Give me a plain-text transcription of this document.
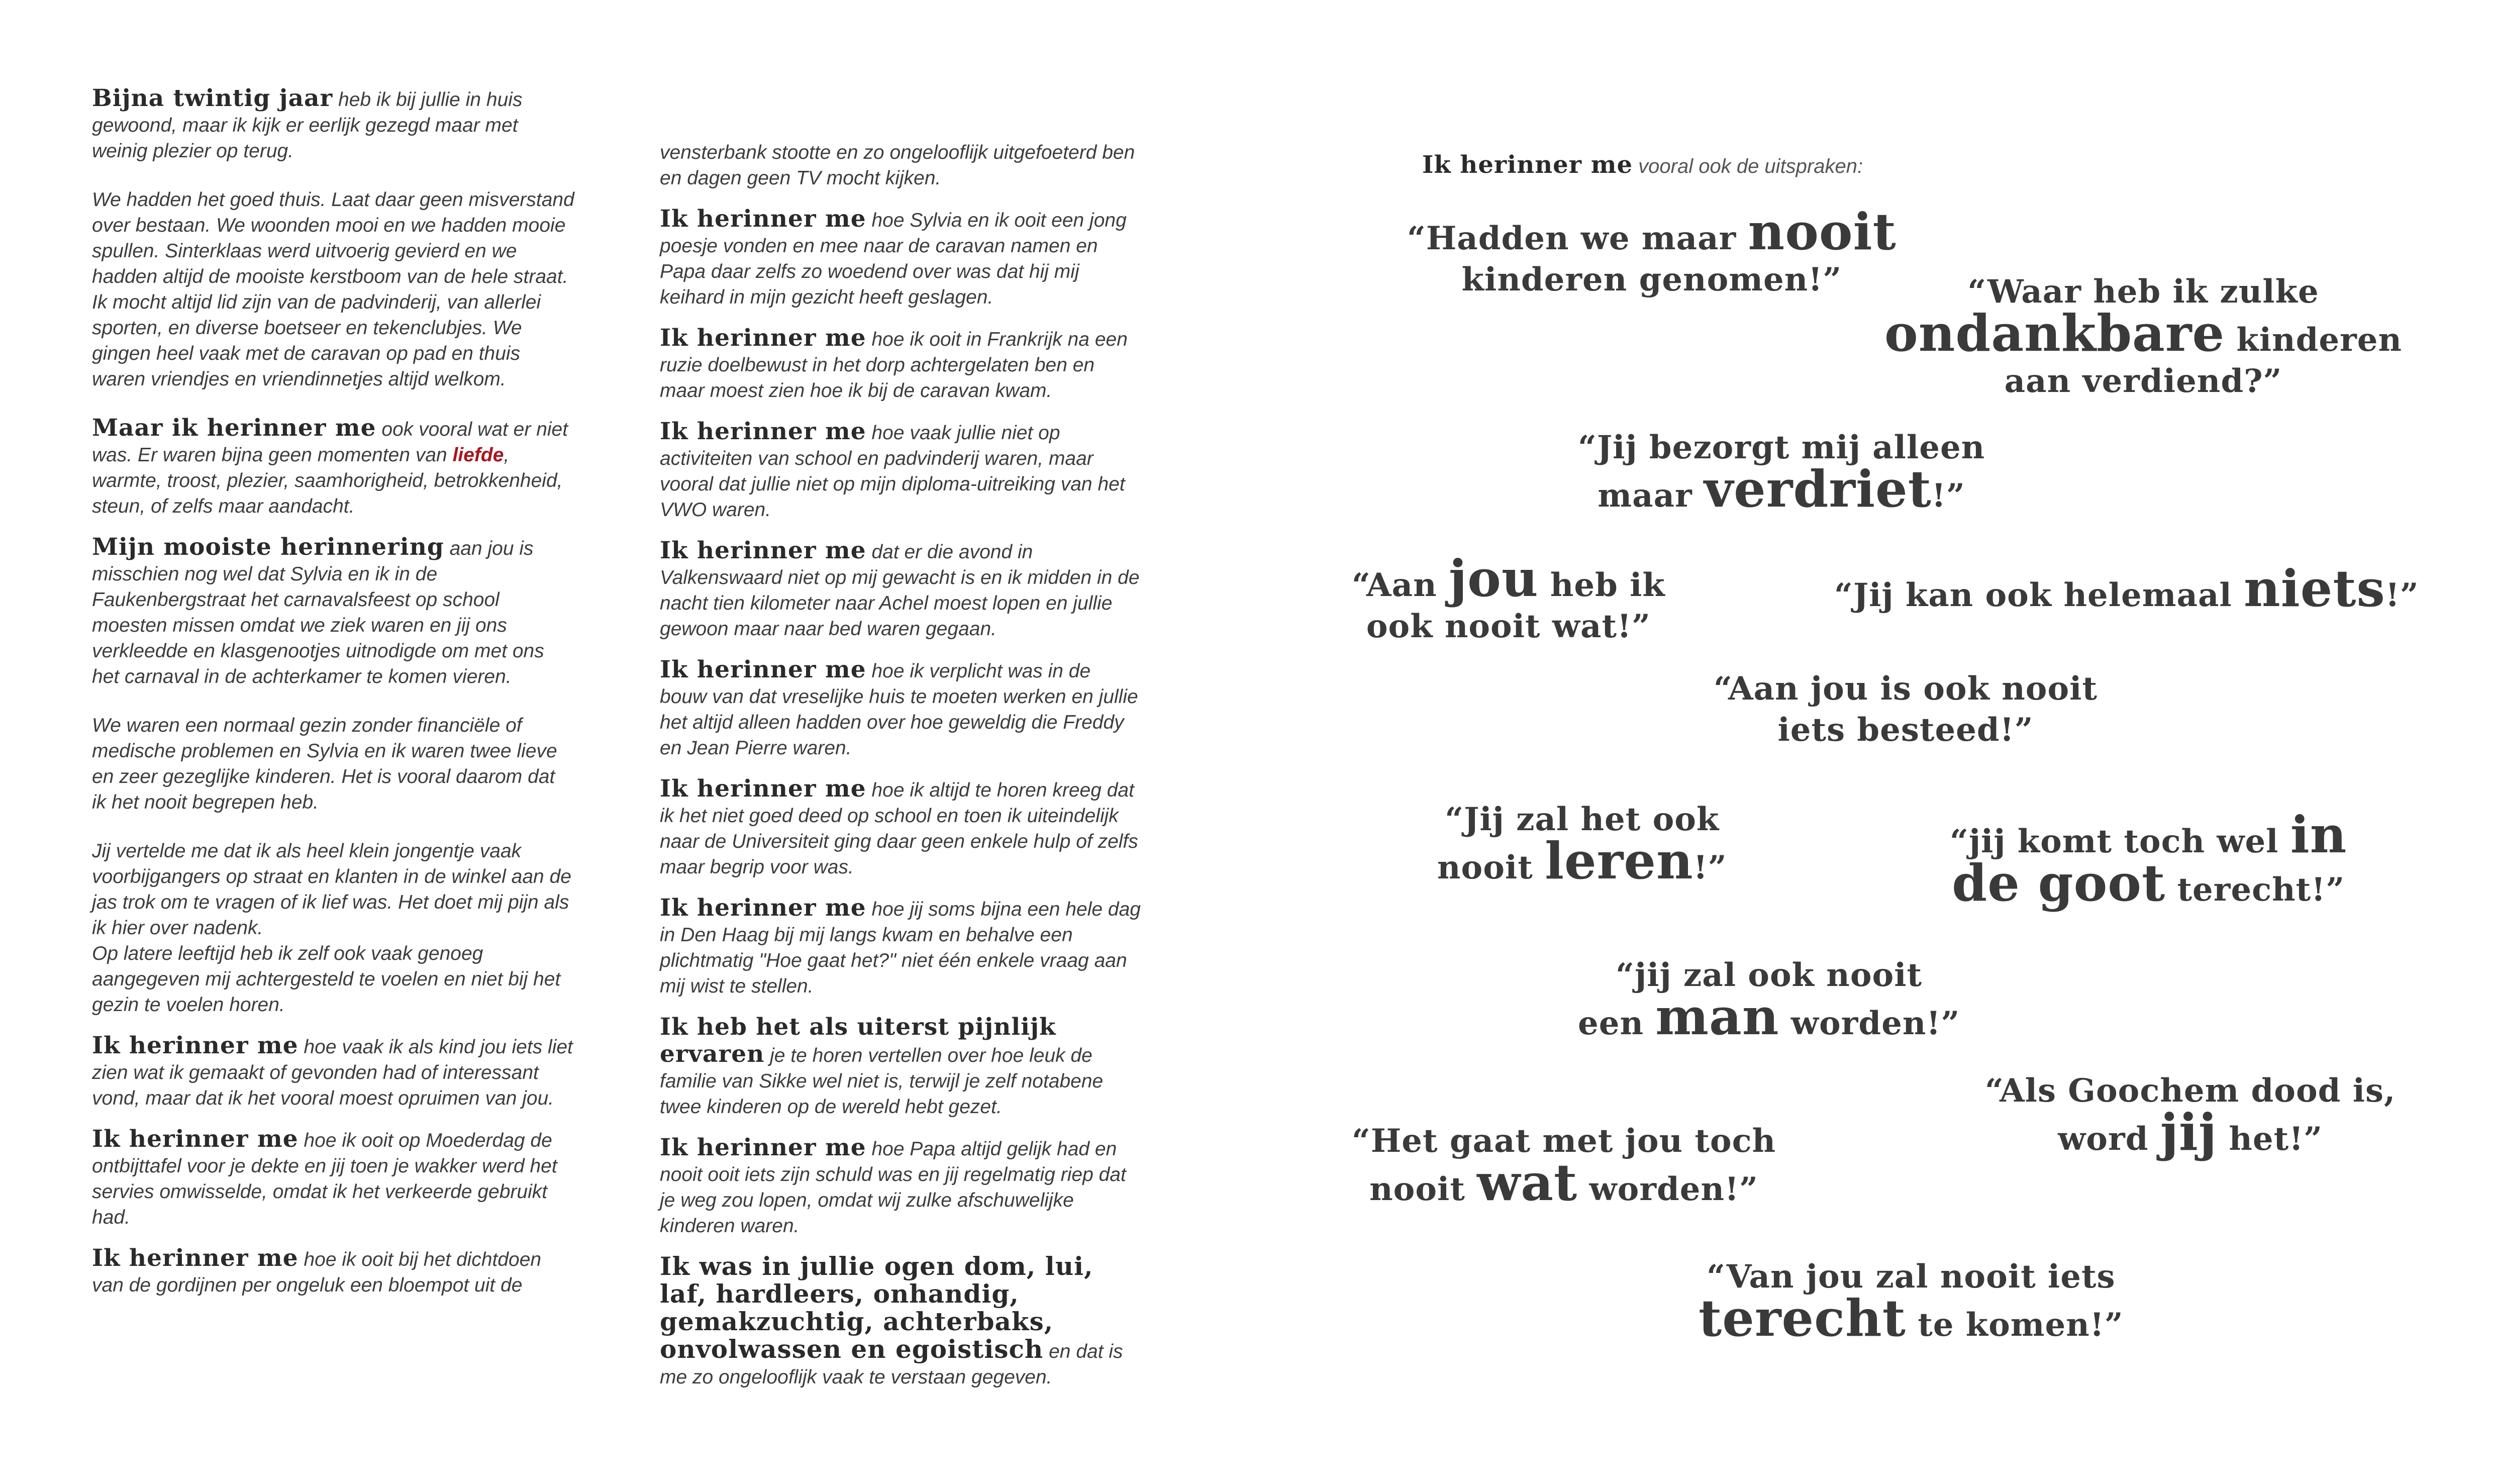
Bijna twintig jaar heb ik bij jullie in huis gewoond, maar ik kijk er eerlijk gezegd maar met weinig plezier op terug.

We hadden het goed thuis. Laat daar geen misverstand over bestaan. We woonden mooi en we hadden mooie spullen. Sinterklaas werd uitvoerig gevierd en we hadden altijd de mooiste kerstboom van de hele straat. Ik mocht altijd lid zijn van de padvinderij, van allerlei sporten, en diverse boetseer en tekenclubjes. We gingen heel vaak met de caravan op pad en thuis waren vriendjes en vriendinnetjes altijd welkom.

Maar ik herinner me ook vooral wat er niet was. Er waren bijna geen momenten van liefde, warmte, troost, plezier, saamhorigheid, betrokkenheid, steun, of zelfs maar aandacht.

Mijn mooiste herinnering aan jou is misschien nog wel dat Sylvia en ik in de Faukenbergstraat het carnavalsfeest op school moesten missen omdat we ziek waren en jij ons verkleedde en klasgenootjes uitnodigde om met ons het carnaval in de achterkamer te komen vieren.

We waren een normaal gezin zonder financiële of medische problemen en Sylvia en ik waren twee lieve en zeer gezeglijke kinderen. Het is vooral daarom dat ik het nooit begrepen heb.

Jij vertelde me dat ik als heel klein jongentje vaak voorbijgangers op straat en klanten in de winkel aan de jas trok om te vragen of ik lief was. Het doet mij pijn als ik hier over nadenk.
Op latere leeftijd heb ik zelf ook vaak genoeg aangegeven mij achtergesteld te voelen en niet bij het gezin te voelen horen.

Ik herinner me hoe vaak ik als kind jou iets liet zien wat ik gemaakt of gevonden had of interessant vond, maar dat ik het vooral moest opruimen van jou.

Ik herinner me hoe ik ooit op Moederdag de ontbijttafel voor je dekte en jij toen je wakker werd het servies omwisselde, omdat ik het verkeerde gebruikt had.

Ik herinner me hoe ik ooit bij het dichtdoen van de gordijnen per ongeluk een bloempot uit de

vensterbank stootte en zo ongelooflijk uitgefoeterd ben en dagen geen TV mocht kijken.

Ik herinner me hoe Sylvia en ik ooit een jong poesje vonden en mee naar de caravan namen en Papa daar zelfs zo woedend over was dat hij mij keihard in mijn gezicht heeft geslagen.

Ik herinner me hoe ik ooit in Frankrijk na een ruzie doelbewust in het dorp achtergelaten ben en maar moest zien hoe ik bij de caravan kwam.

Ik herinner me hoe vaak jullie niet op activiteiten van school en padvinderij waren, maar vooral dat jullie niet op mijn diploma-uitreiking van het VWO waren.

Ik herinner me dat er die avond in Valkenswaard niet op mij gewacht is en ik midden in de nacht tien kilometer naar Achel moest lopen en jullie gewoon maar naar bed waren gegaan.

Ik herinner me hoe ik verplicht was in de bouw van dat vreselijke huis te moeten werken en jullie het altijd alleen hadden over hoe geweldig die Freddy en Jean Pierre waren.

Ik herinner me hoe ik altijd te horen kreeg dat ik het niet goed deed op school en toen ik uiteindelijk naar de Universiteit ging daar geen enkele hulp of zelfs maar begrip voor was.

Ik herinner me hoe jij soms bijna een hele dag in Den Haag bij mij langs kwam en behalve een plichtmatig "Hoe gaat het?" niet één enkele vraag aan mij wist te stellen.

Ik heb het als uiterst pijnlijk ervaren je te horen vertellen over hoe leuk de familie van Sikke wel niet is, terwijl je zelf notabene twee kinderen op de wereld hebt gezet.

Ik herinner me hoe Papa altijd gelijk had en nooit ooit iets zijn schuld was en jij regelmatig riep dat je weg zou lopen, omdat wij zulke afschuwelijke kinderen waren.

Ik was in jullie ogen dom, lui, laf, hardleers, onhandig, gemakzuchtig, achterbaks, onvolwassen en egoistisch en dat is me zo ongelooflijk vaak te verstaan gegeven.

Ik herinner me vooral ook de uitspraken:
“Hadden we maar nooit
kinderen genomen!”	“Waar heb ik zulke
ondankbare kinderen
aan verdiend?”
“Jij bezorgt mij alleen
maar verdriet!”
“Aan jou heb ik
ook nooit wat!”
“Jij kan ook helemaal niets!”
“Aan jou is ook nooit
iets besteed!”
“Jij zal het ook
nooit leren!”
“jij komt toch wel in
de goot terecht!”
“jij zal ook nooit
een man worden!”
“Als Goochem dood is,
word jij het!”
“Het gaat met jou toch
nooit wat worden!”
“Van jou zal nooit iets
terecht te komen!”
